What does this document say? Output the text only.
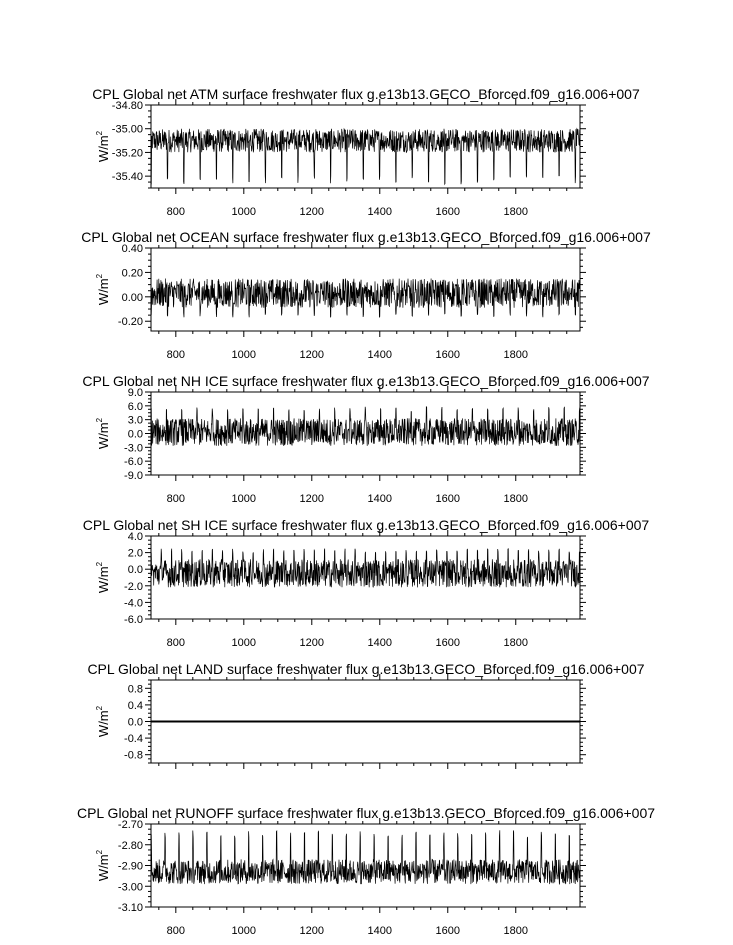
CPL Global net ATM surface freshwater flux g.e13b13.GECO_Bforced.f09_g16.006+007
800	1000	1200	1400	1600	1800
-34.80
-35.00
-35.20
-35.40
$W/m^2$
CPL Global net OCEAN surface freshwater flux g.e13b13.GECO_Bforced.f09_g16.006+007
800	1000	1200	1400	1600	1800
0.40
0.20
0.00
-0.20
$W/m^2$
CPL Global net NH ICE surface freshwater flux g.e13b13.GECO_Bforced.f09_g16.006+007
800	1000	1200	1400	1600	1800
9.0
6.0
3.0
0.0
-3.0
-6.0
-9.0
$W/m^2$
CPL Global net SH ICE surface freshwater flux g.e13b13.GECO_Bforced.f09_g16.006+007
800	1000	1200	1400	1600	1800
4.0
2.0
0.0
-2.0
-4.0
-6.0
$W/m^2$
CPL Global net LAND surface freshwater flux g.e13b13.GECO_Bforced.f09_g16.006+007
0.8
0.4
0.0
-0.4
-0.8
$W/m^2$
CPL Global net RUNOFF surface freshwater flux g.e13b13.GECO_Bforced.f09_g16.006+007
800	1000	1200	1400	1600	1800
-2.70
-2.80
-2.90
-3.00
-3.10
$W/m^2$
